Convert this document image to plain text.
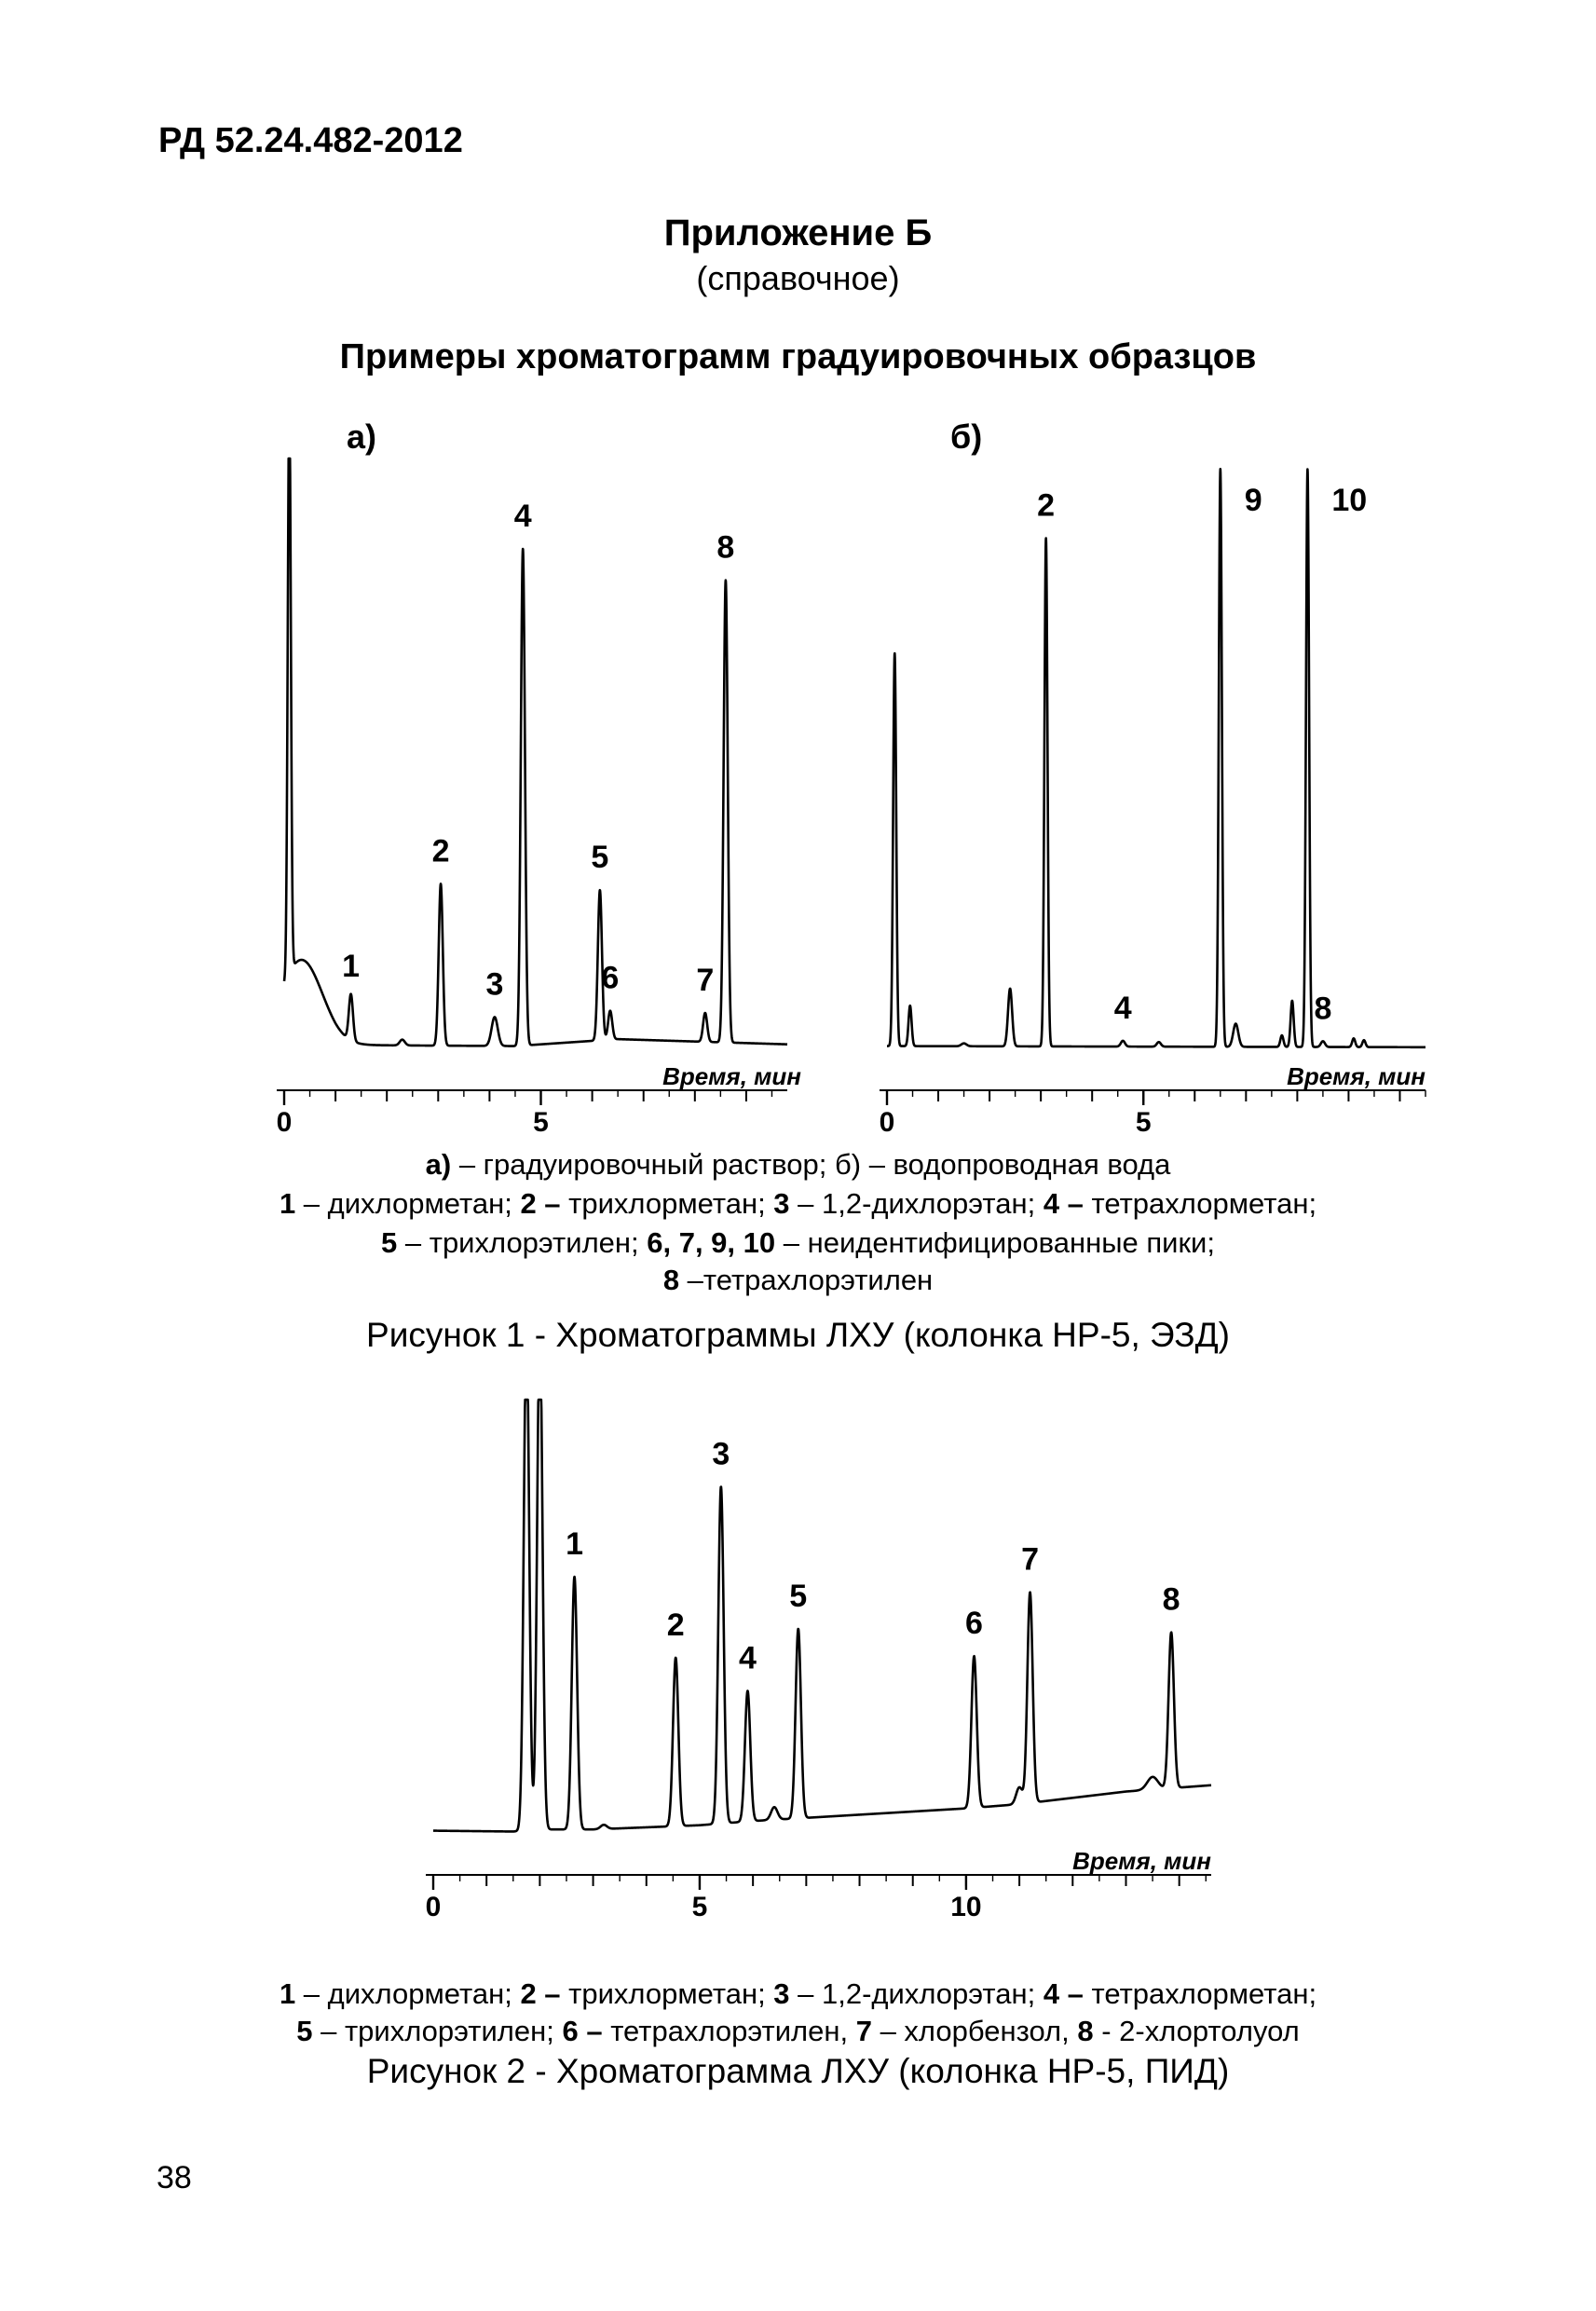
РД 52.24.482-2012
Приложение Б
(справочное)
Примеры хроматограмм градуировочных образцов
а)	б)
1
2
3
4
5
6 7
8
0	5
Время, мин
2
4
9 10
8
0	5
Время, мин
а) – градуировочный раствор; б) – водопроводная вода
1 – дихлорметан; 2 – трихлорметан; 3 – 1,2-дихлорэтан; 4 – тетрахлорметан;
5 – трихлорэтилен; 6, 7, 9, 10 – неидентифицированные пики;
8 –тетрахлорэтилен
Рисунок 1 - Хроматограммы ЛХУ (колонка HP-5, ЭЗД)
1
2
3
4
5
6
7
8
0	5	10
Время, мин
1 – дихлорметан; 2 – трихлорметан; 3 – 1,2-дихлорэтан; 4 – тетрахлорметан;
5 – трихлорэтилен; 6 – тетрахлорэтилен, 7 – хлорбензол, 8 - 2-хлортолуол
Рисунок 2 - Хроматограмма ЛХУ (колонка HP-5, ПИД)
38
